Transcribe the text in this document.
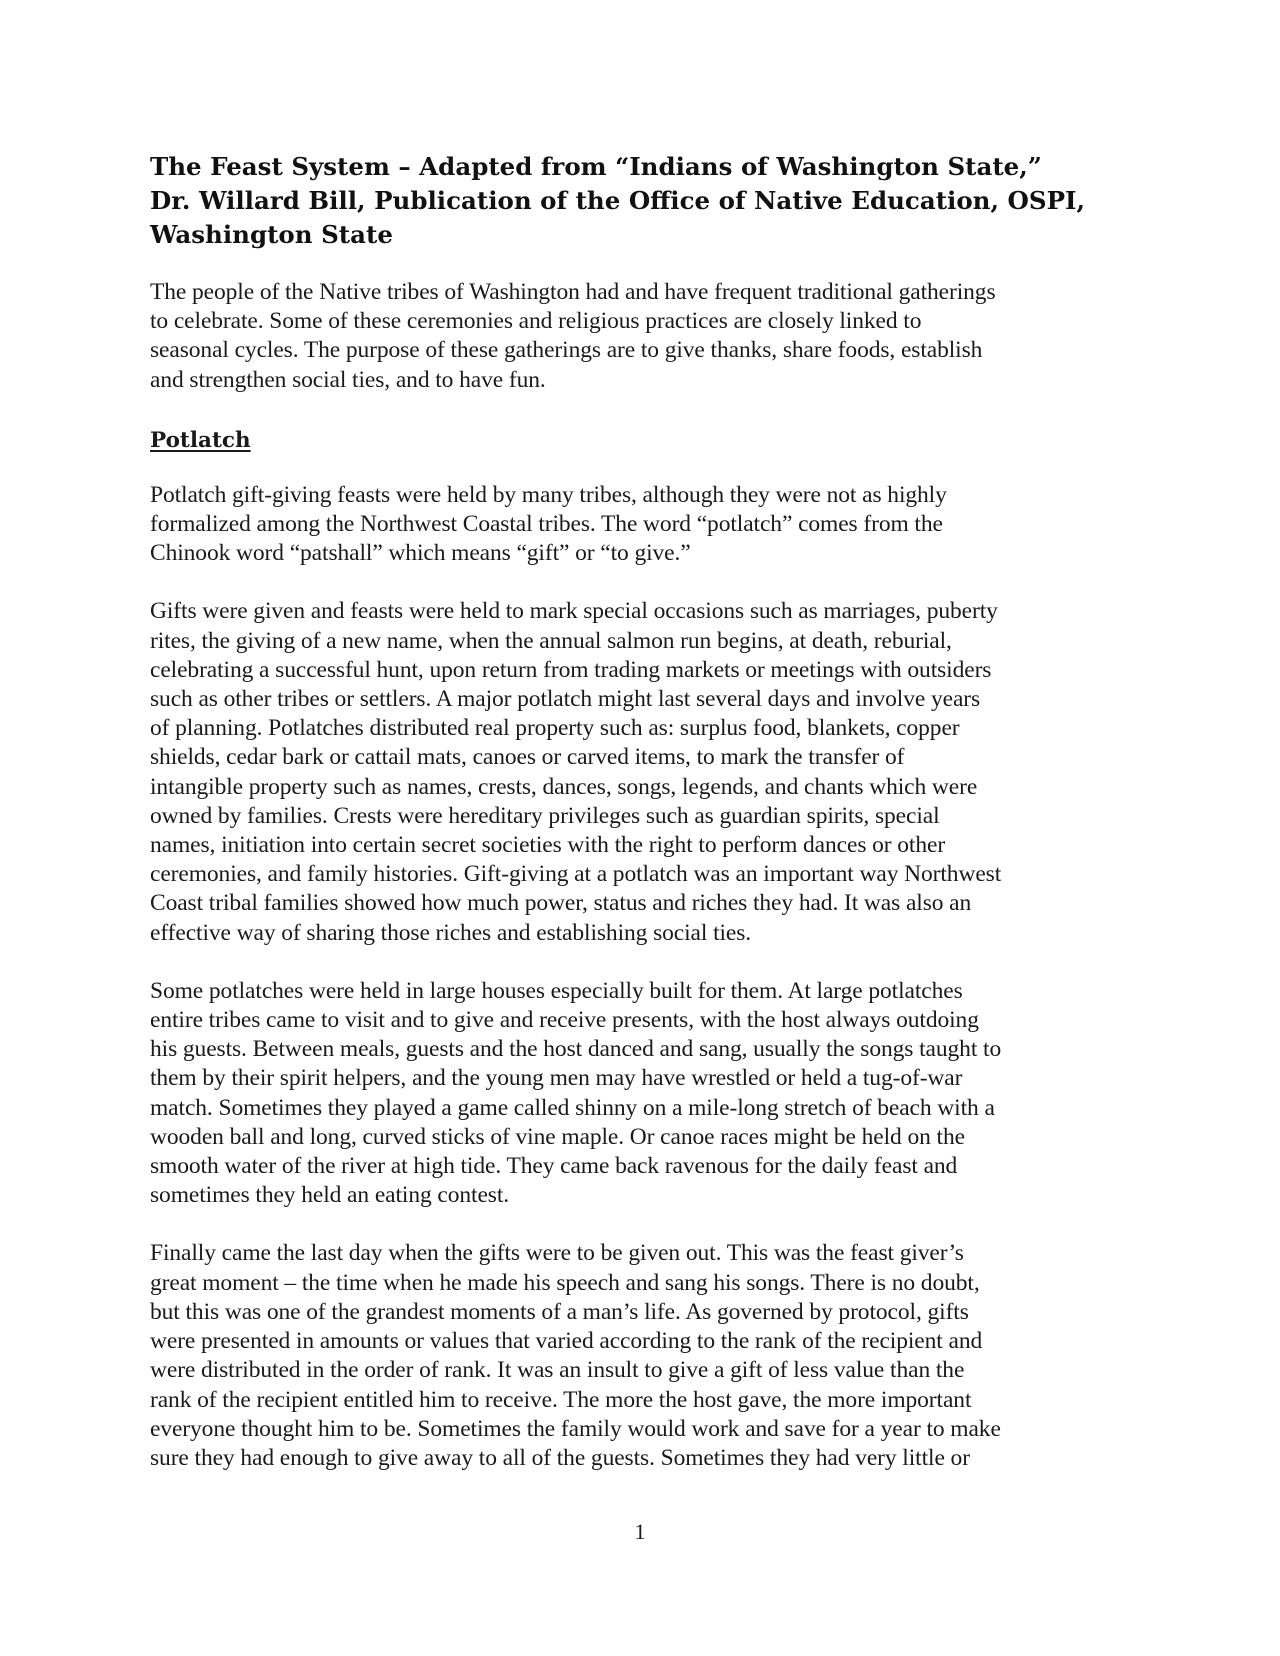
The Feast System – Adapted from “Indians of Washington State,”
Dr. Willard Bill, Publication of the Office of Native Education, OSPI,
Washington State

The people of the Native tribes of Washington had and have frequent traditional gatherings
to celebrate. Some of these ceremonies and religious practices are closely linked to
seasonal cycles. The purpose of these gatherings are to give thanks, share foods, establish
and strengthen social ties, and to have fun.

Potlatch

Potlatch gift-giving feasts were held by many tribes, although they were not as highly
formalized among the Northwest Coastal tribes. The word “potlatch” comes from the
Chinook word “patshall” which means “gift” or “to give.”

Gifts were given and feasts were held to mark special occasions such as marriages, puberty
rites, the giving of a new name, when the annual salmon run begins, at death, reburial,
celebrating a successful hunt, upon return from trading markets or meetings with outsiders
such as other tribes or settlers. A major potlatch might last several days and involve years
of planning. Potlatches distributed real property such as: surplus food, blankets, copper
shields, cedar bark or cattail mats, canoes or carved items, to mark the transfer of
intangible property such as names, crests, dances, songs, legends, and chants which were
owned by families. Crests were hereditary privileges such as guardian spirits, special
names, initiation into certain secret societies with the right to perform dances or other
ceremonies, and family histories. Gift-giving at a potlatch was an important way Northwest
Coast tribal families showed how much power, status and riches they had. It was also an
effective way of sharing those riches and establishing social ties.

Some potlatches were held in large houses especially built for them. At large potlatches
entire tribes came to visit and to give and receive presents, with the host always outdoing
his guests. Between meals, guests and the host danced and sang, usually the songs taught to
them by their spirit helpers, and the young men may have wrestled or held a tug-of-war
match. Sometimes they played a game called shinny on a mile-long stretch of beach with a
wooden ball and long, curved sticks of vine maple. Or canoe races might be held on the
smooth water of the river at high tide. They came back ravenous for the daily feast and
sometimes they held an eating contest.

Finally came the last day when the gifts were to be given out. This was the feast giver’s
great moment – the time when he made his speech and sang his songs. There is no doubt,
but this was one of the grandest moments of a man’s life. As governed by protocol, gifts
were presented in amounts or values that varied according to the rank of the recipient and
were distributed in the order of rank. It was an insult to give a gift of less value than the
rank of the recipient entitled him to receive. The more the host gave, the more important
everyone thought him to be. Sometimes the family would work and save for a year to make
sure they had enough to give away to all of the guests. Sometimes they had very little or

1
